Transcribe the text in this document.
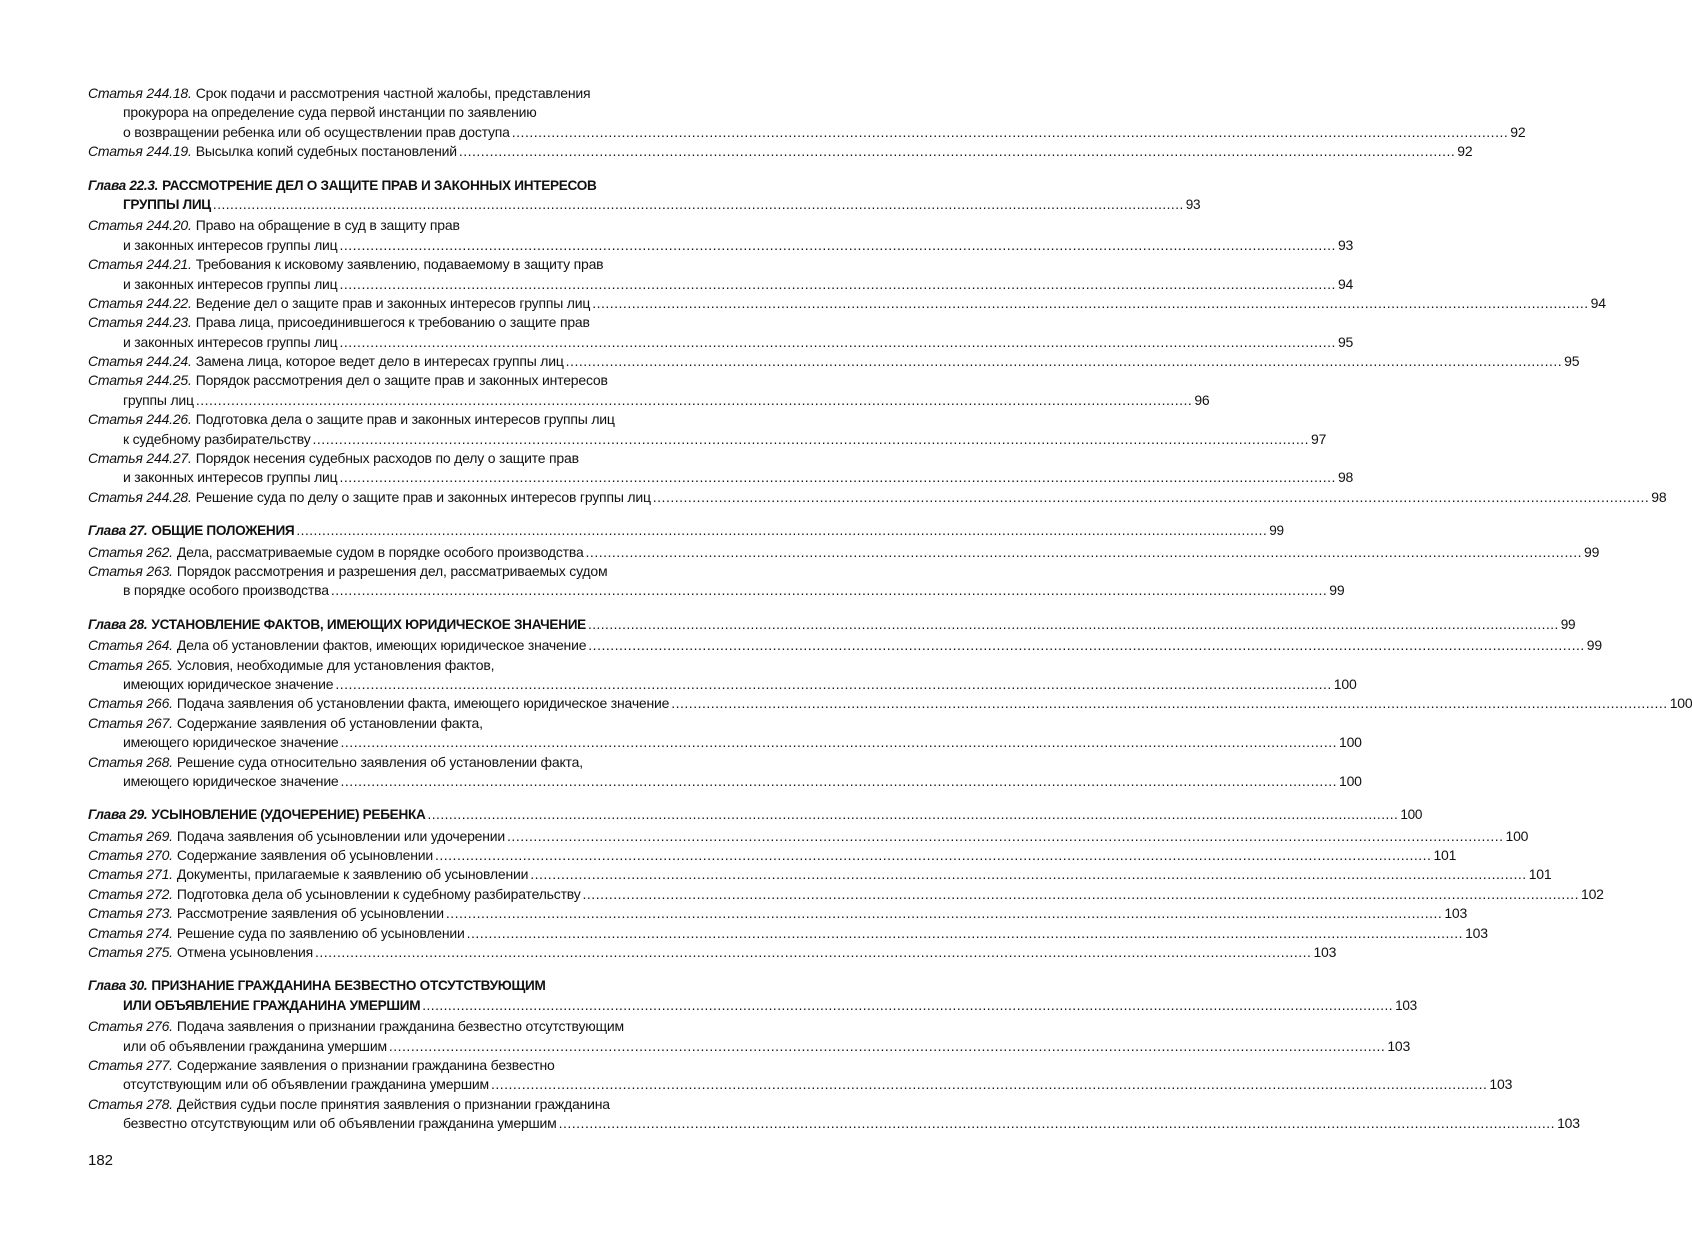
Статья 244.18. Срок подачи и рассмотрения частной жалобы, представления
прокурора на определение суда первой инстанции по заявлению
о возвращении ребенка или об осуществлении прав доступа .....	92
Статья 244.19. Высылка копий судебных постановлений .....	92
Глава 22.3. РАССМОТРЕНИЕ ДЕЛ О ЗАЩИТЕ ПРАВ И ЗАКОННЫХ ИНТЕРЕСОВ
ГРУППЫ ЛИЦ .....	93
Статья 244.20. Право на обращение в суд в защиту прав
и законных интересов группы лиц .....	93
Статья 244.21. Требования к исковому заявлению, подаваемому в защиту прав
и законных интересов группы лиц .....	94
Статья 244.22. Ведение дел о защите прав и законных интересов группы лиц .....	94
Статья 244.23. Права лица, присоединившегося к требованию о защите прав
и законных интересов группы лиц .....	95
Статья 244.24. Замена лица, которое ведет дело в интересах группы лиц .....	95
Статья 244.25. Порядок рассмотрения дел о защите прав и законных интересов
группы лиц .....	96
Статья 244.26. Подготовка дела о защите прав и законных интересов группы лиц
к судебному разбирательству .....	97
Статья 244.27. Порядок несения судебных расходов по делу о защите прав
и законных интересов группы лиц .....	98
Статья 244.28. Решение суда по делу о защите прав и законных интересов группы лиц .....	98
Глава 27. ОБЩИЕ ПОЛОЖЕНИЯ .....	99
Статья 262. Дела, рассматриваемые судом в порядке особого производства .....	99
Статья 263. Порядок рассмотрения и разрешения дел, рассматриваемых судом
в порядке особого производства .....	99
Глава 28. УСТАНОВЛЕНИЕ ФАКТОВ, ИМЕЮЩИХ ЮРИДИЧЕСКОЕ ЗНАЧЕНИЕ .....	99
Статья 264. Дела об установлении фактов, имеющих юридическое значение .....	99
Статья 265. Условия, необходимые для установления фактов,
имеющих юридическое значение .....	100
Статья 266. Подача заявления об установлении факта, имеющего юридическое значение .....	100
Статья 267. Содержание заявления об установлении факта,
имеющего юридическое значение .....	100
Статья 268. Решение суда относительно заявления об установлении факта,
имеющего юридическое значение .....	100
Глава 29. УСЫНОВЛЕНИЕ (УДОЧЕРЕНИЕ) РЕБЕНКА .....	100
Статья 269. Подача заявления об усыновлении или удочерении .....	100
Статья 270. Содержание заявления об усыновлении .....	101
Статья 271. Документы, прилагаемые к заявлению об усыновлении .....	101
Статья 272. Подготовка дела об усыновлении к судебному разбирательству .....	102
Статья 273. Рассмотрение заявления об усыновлении .....	103
Статья 274. Решение суда по заявлению об усыновлении .....	103
Статья 275. Отмена усыновления .....	103
Глава 30. ПРИЗНАНИЕ ГРАЖДАНИНА БЕЗВЕСТНО ОТСУТСТВУЮЩИМ
ИЛИ ОБЪЯВЛЕНИЕ ГРАЖДАНИНА УМЕРШИМ .....	103
Статья 276. Подача заявления о признании гражданина безвестно отсутствующим
или об объявлении гражданина умершим .....	103
Статья 277. Содержание заявления о признании гражданина безвестно
отсутствующим или об объявлении гражданина умершим .....	103
Статья 278. Действия судьи после принятия заявления о признании гражданина
безвестно отсутствующим или об объявлении гражданина умершим .....	103
182
